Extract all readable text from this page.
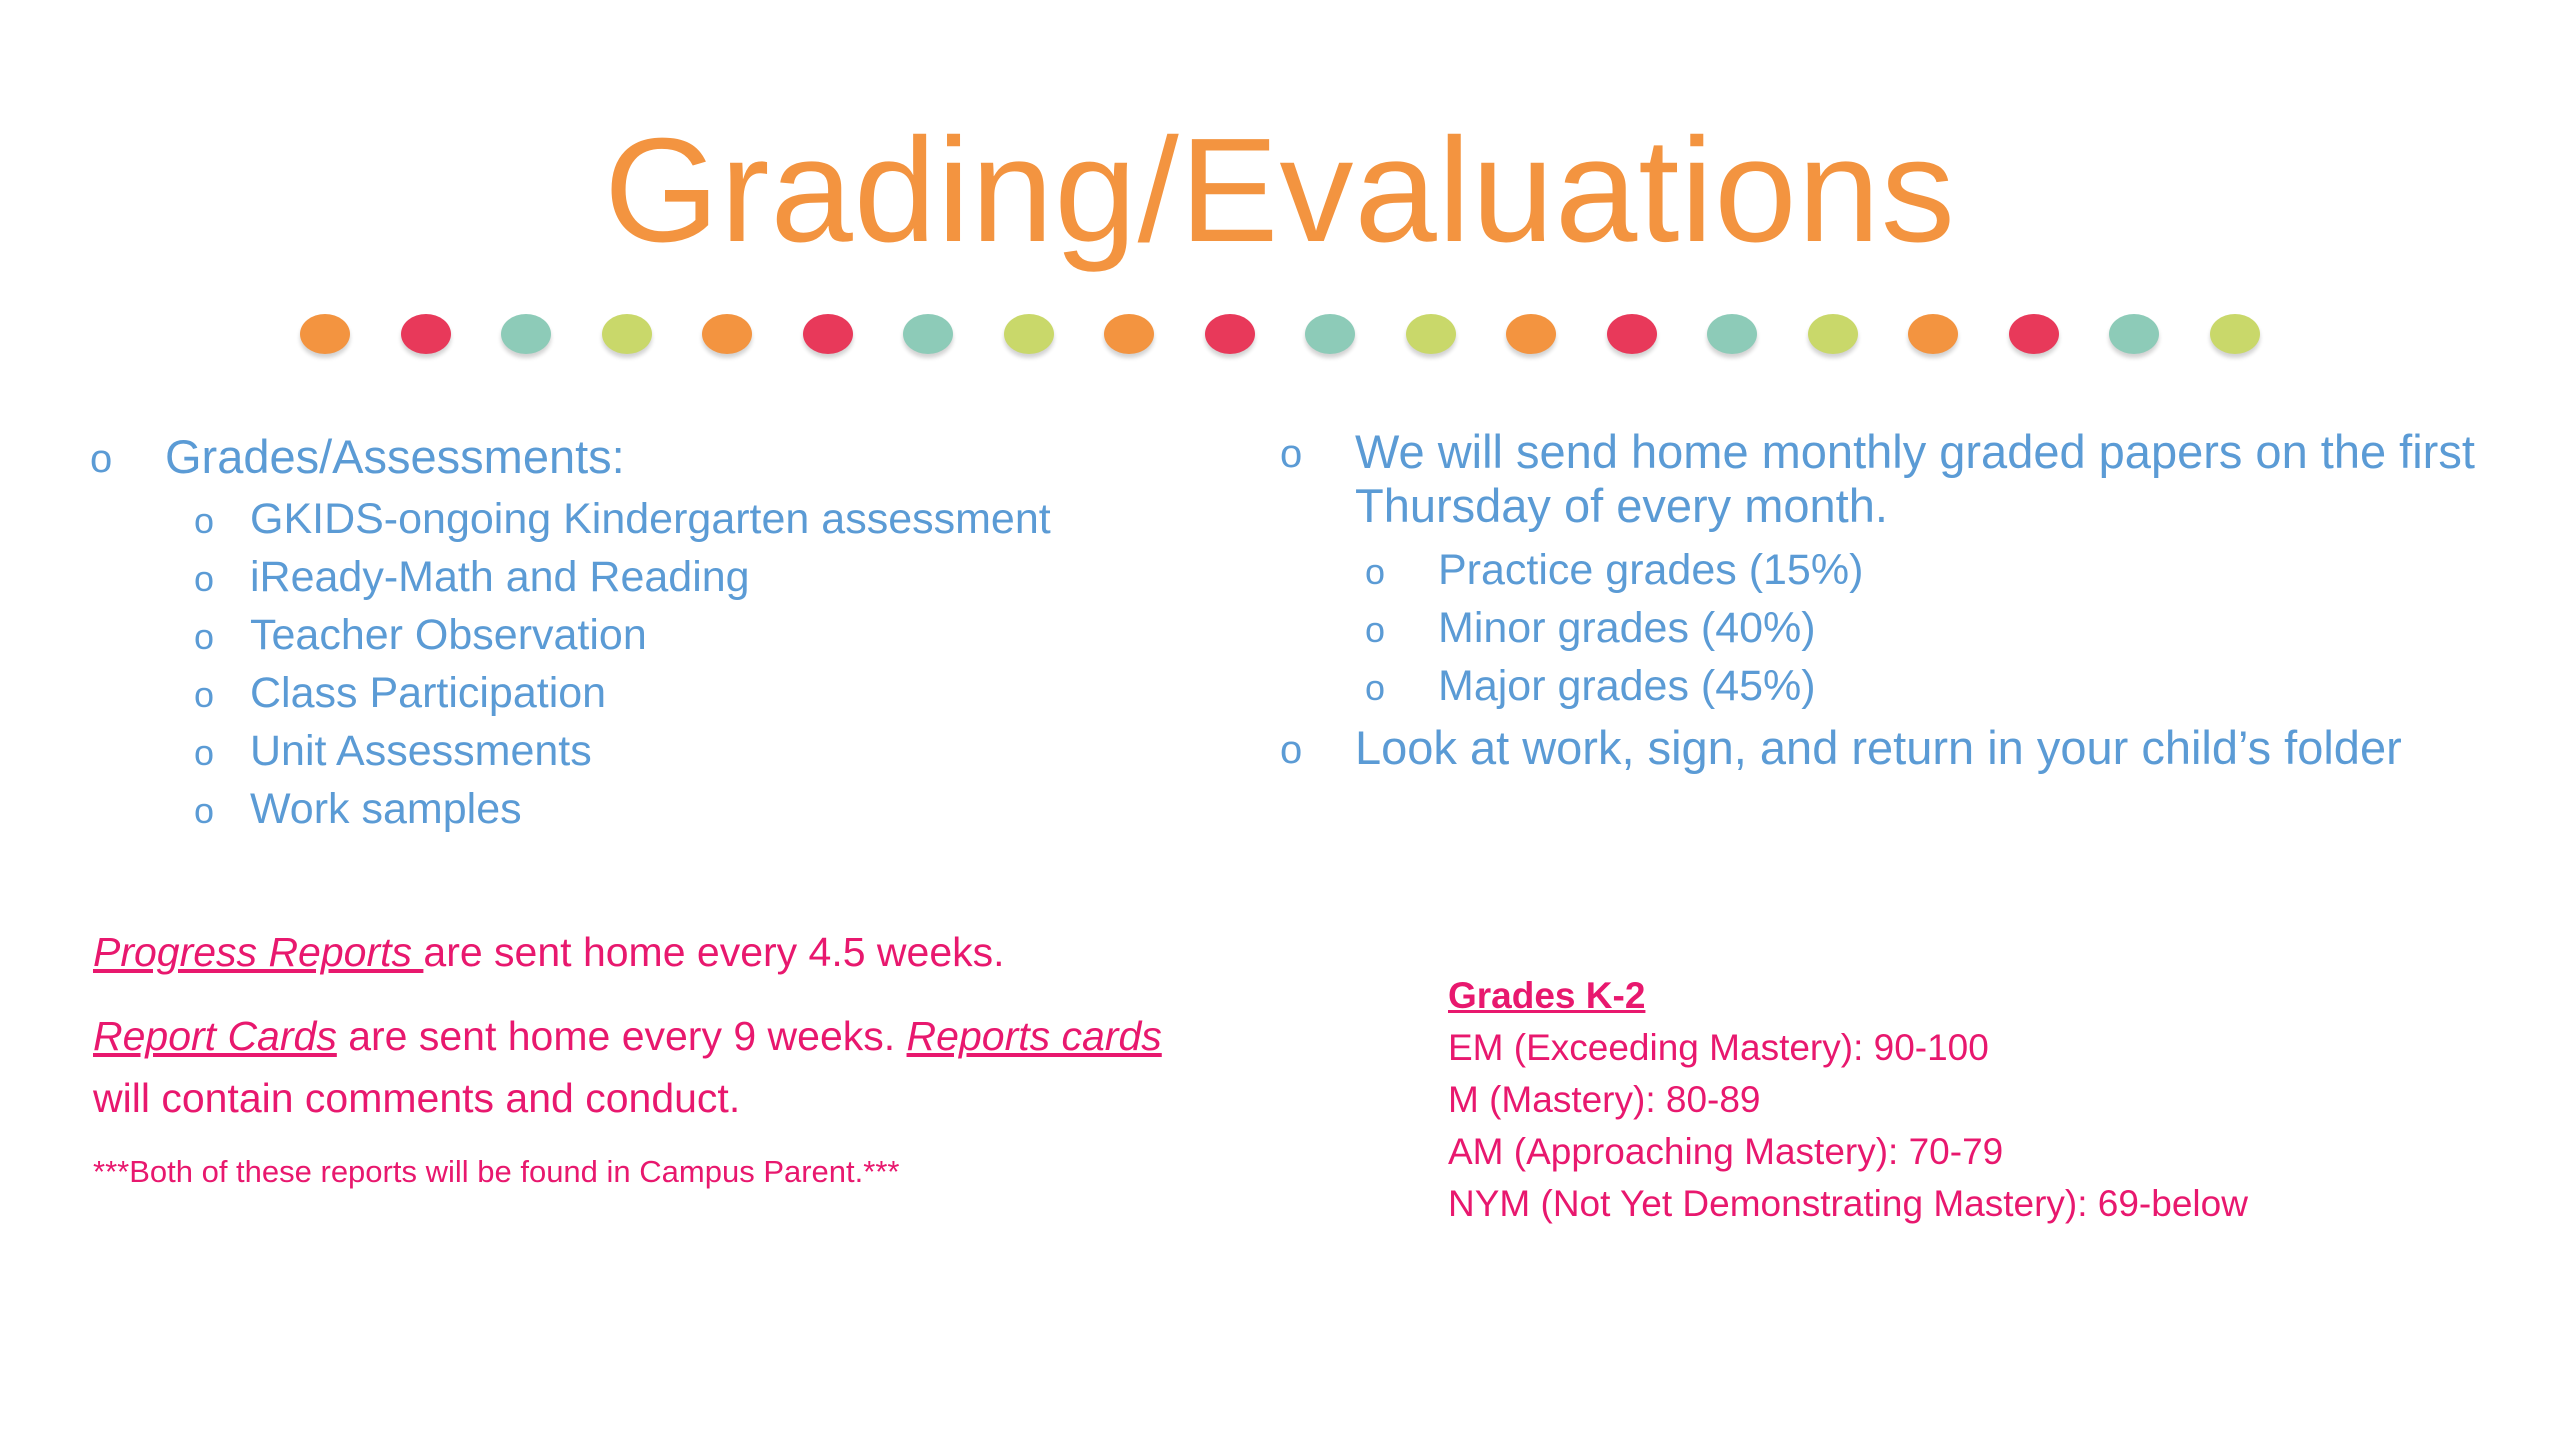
Grading/Evaluations
o Grades/Assessments:
o GKIDS-ongoing Kindergarten assessment
o iReady-Math and Reading
o Teacher Observation
o Class Participation
o Unit Assessments
o Work samples
o We will send home monthly graded papers on the first Thursday of every month.
o Practice grades (15%)
o Minor grades (40%)
o Major grades (45%)
o Look at work, sign, and return in your child’s folder
Progress Reports are sent home every 4.5 weeks.
Report Cards are sent home every 9 weeks. Reports cards
will contain comments and conduct.
***Both of these reports will be found in Campus Parent.***
Grades K-2
EM (Exceeding Mastery): 90-100
M (Mastery): 80-89
AM (Approaching Mastery): 70-79
NYM (Not Yet Demonstrating Mastery): 69-below
